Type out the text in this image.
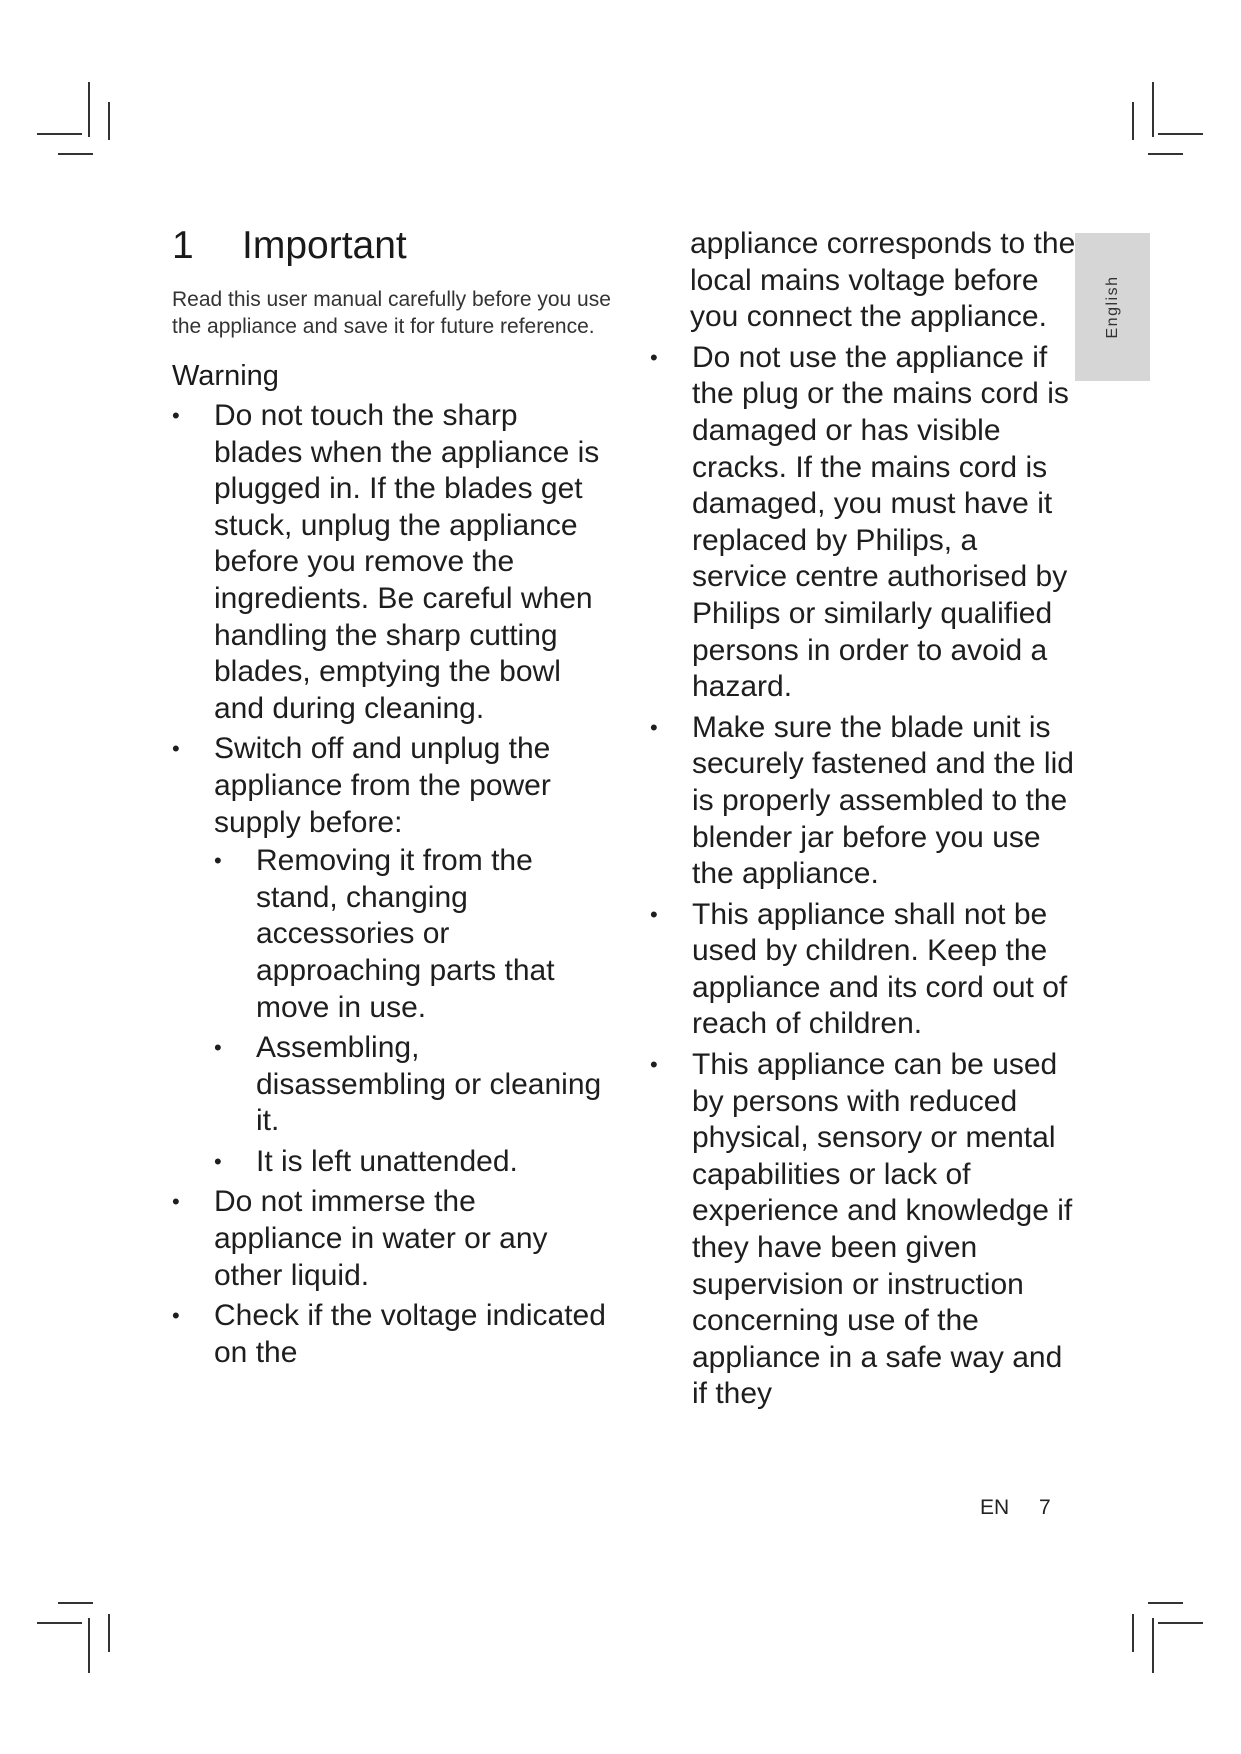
English
1	Important

Read this user manual carefully before you use the appliance and save it for future reference.

Warning
• Do not touch the sharp blades when the appliance is plugged in. If the blades get stuck, unplug the appliance before you remove the ingredients. Be careful when handling the sharp cutting blades, emptying the bowl and during cleaning.
• Switch off and unplug the appliance from the power supply before:
• Removing it from the stand, changing accessories or approaching parts that move in use.
• Assembling, disassembling or cleaning it.
• It is left unattended.
• Do not immerse the appliance in water or any other liquid.
• Check if the voltage indicated on the
appliance corresponds to the local mains voltage before you connect the appliance.
• Do not use the appliance if the plug or the mains cord is damaged or has visible cracks. If the mains cord is damaged, you must have it replaced by Philips, a service centre authorised by Philips or similarly qualified persons in order to avoid a hazard.
• Make sure the blade unit is securely fastened and the lid is properly assembled to the blender jar before you use the appliance.
• This appliance shall not be used by children. Keep the appliance and its cord out of reach of children.
• This appliance can be used by persons with reduced physical, sensory or mental capabilities or lack of experience and knowledge if they have been given supervision or instruction concerning use of the appliance in a safe way and if they
EN 7
